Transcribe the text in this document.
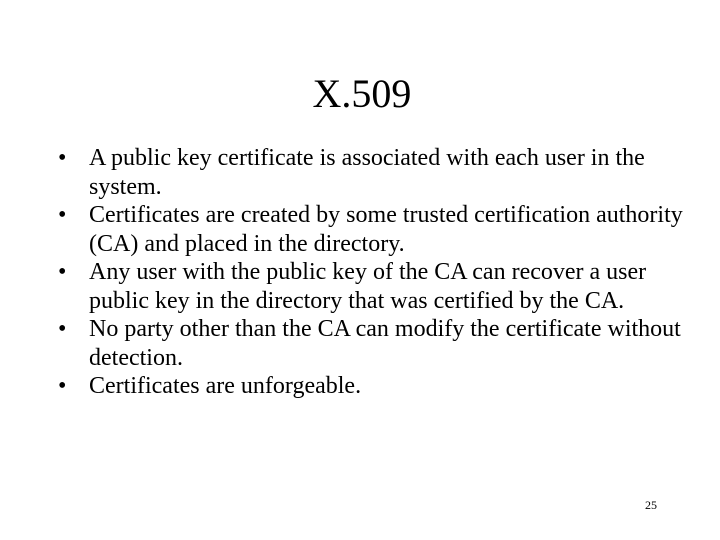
X.509
• A public key certificate is associated with each user in the system.
• Certificates are created by some trusted certification authority (CA) and placed in the directory.
• Any user with the public key of the CA can recover a user public key in the directory that was certified by the CA.
• No party other than the CA can modify the certificate without detection.
• Certificates are unforgeable.
25
